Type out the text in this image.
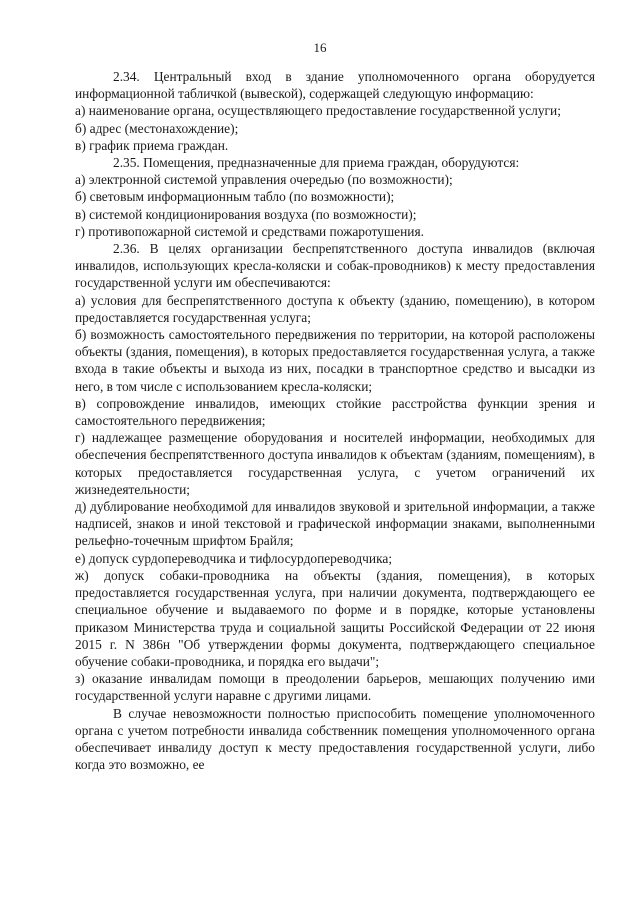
16

2.34. Центральный вход в здание уполномоченного органа оборудуется информационной табличкой (вывеской), содержащей следующую информацию:

а) наименование органа, осуществляющего предоставление государственной услуги;

б) адрес (местонахождение);

в) график приема граждан.

2.35. Помещения, предназначенные для приема граждан, оборудуются:

а) электронной системой управления очередью (по возможности);

б) световым информационным табло (по возможности);

в) системой кондиционирования воздуха (по возможности);

г) противопожарной системой и средствами пожаротушения.

2.36. В целях организации беспрепятственного доступа инвалидов (включая инвалидов, использующих кресла-коляски и собак-проводников) к месту предоставления государственной услуги им обеспечиваются:

а) условия для беспрепятственного доступа к объекту (зданию, помещению), в котором предоставляется государственная услуга;

б) возможность самостоятельного передвижения по территории, на которой расположены объекты (здания, помещения), в которых предоставляется государственная услуга, а также входа в такие объекты и выхода из них, посадки в транспортное средство и высадки из него, в том числе с использованием кресла-коляски;

в) сопровождение инвалидов, имеющих стойкие расстройства функции зрения и самостоятельного передвижения;

г) надлежащее размещение оборудования и носителей информации, необходимых для обеспечения беспрепятственного доступа инвалидов к объектам (зданиям, помещениям), в которых предоставляется государственная услуга, с учетом ограничений их жизнедеятельности;

д) дублирование необходимой для инвалидов звуковой и зрительной информации, а также надписей, знаков и иной текстовой и графической информации знаками, выполненными рельефно-точечным шрифтом Брайля;

е) допуск сурдопереводчика и тифлосурдопереводчика;

ж) допуск собаки-проводника на объекты (здания, помещения), в которых предоставляется государственная услуга, при наличии документа, подтверждающего ее специальное обучение и выдаваемого по форме и в порядке, которые установлены приказом Министерства труда и социальной защиты Российской Федерации от 22 июня 2015 г. N 386н "Об утверждении формы документа, подтверждающего специальное обучение собаки-проводника, и порядка его выдачи";

з) оказание инвалидам помощи в преодолении барьеров, мешающих получению ими государственной услуги наравне с другими лицами.

В случае невозможности полностью приспособить помещение уполномоченного органа с учетом потребности инвалида собственник помещения уполномоченного органа обеспечивает инвалиду доступ к месту предоставления государственной услуги, либо когда это возможно, ее
